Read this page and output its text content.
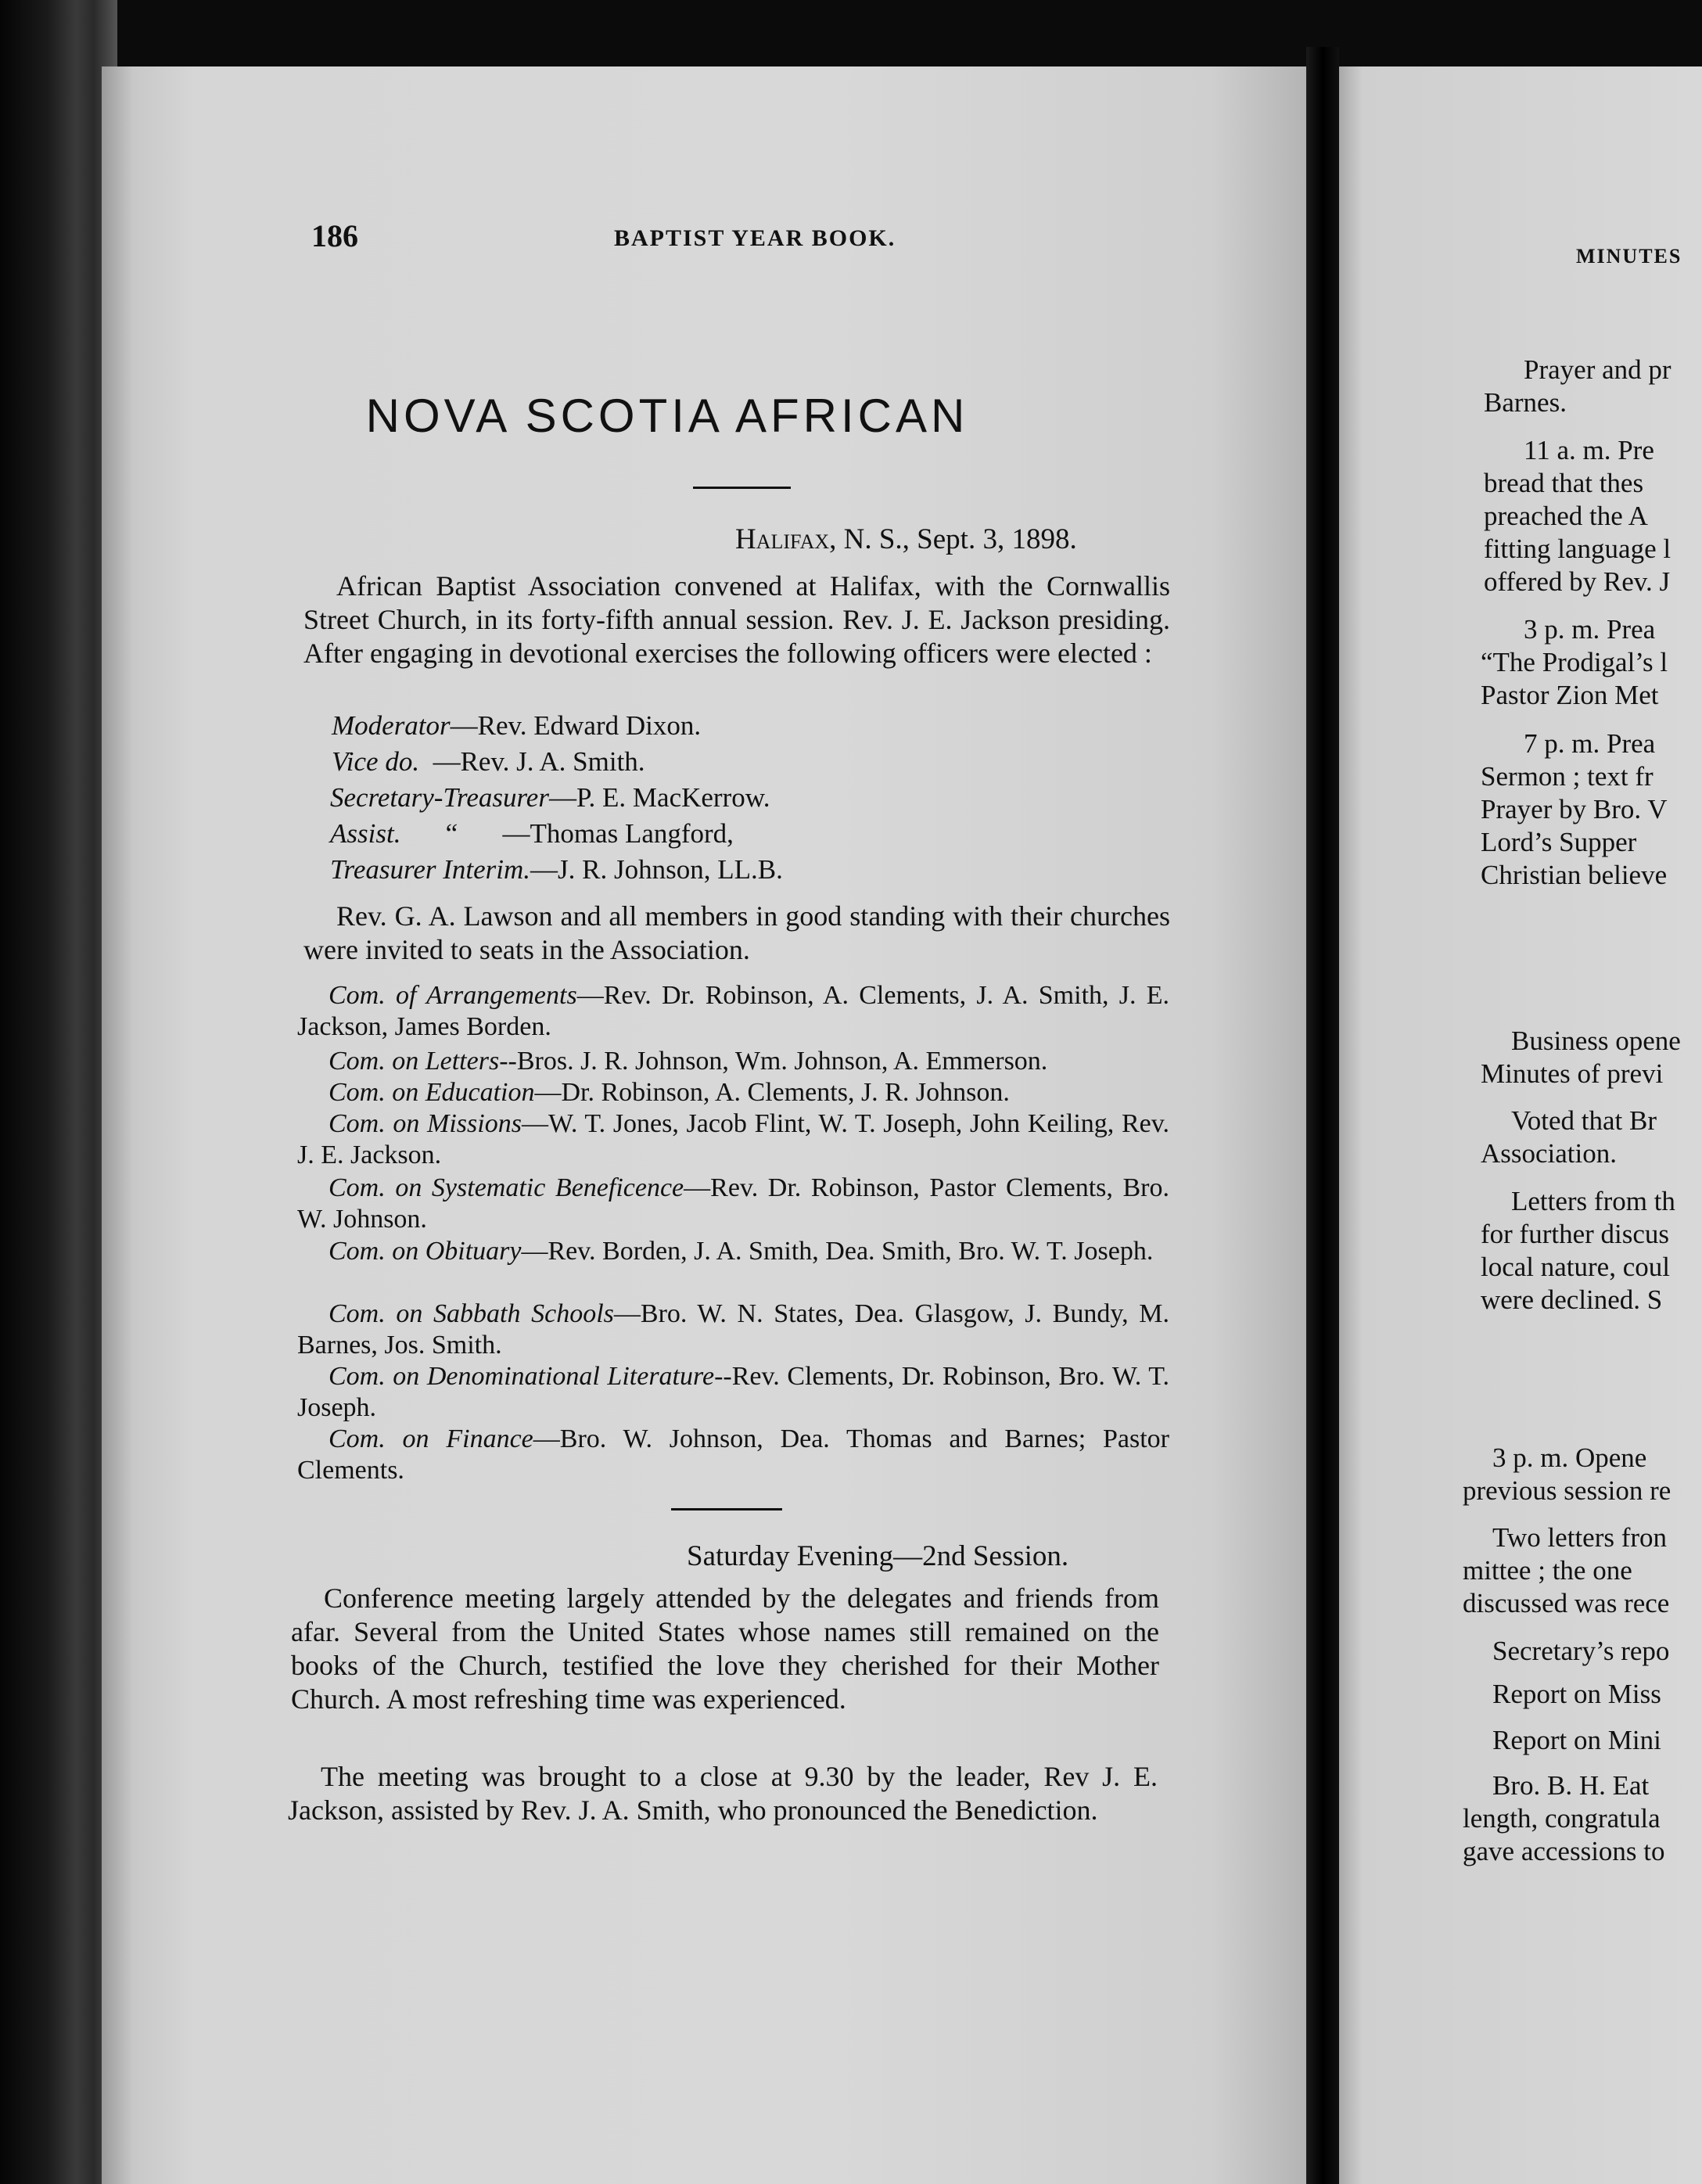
186	BAPTIST YEAR BOOK.
NOVA SCOTIA AFRICAN
Halifax, N. S., Sept. 3, 1898.
African Baptist Association convened at Halifax, with the Cornwallis Street Church, in its forty-fifth annual session. Rev. J. E. Jackson presiding. After engaging in devotional exercises the following officers were elected :
Moderator—Rev. Edward Dixon.
Vice do. —Rev. J. A. Smith.
Secretary-Treasurer—P. E. MacKerrow.
Assist. “ —Thomas Langford,
Treasurer Interim.—J. R. Johnson, LL.B.
Rev. G. A. Lawson and all members in good standing with their churches were invited to seats in the Association.
Com. of Arrangements—Rev. Dr. Robinson, A. Clements, J. A. Smith, J. E. Jackson, James Borden.
Com. on Letters--Bros. J. R. Johnson, Wm. Johnson, A. Emmerson.
Com. on Education—Dr. Robinson, A. Clements, J. R. Johnson.
Com. on Missions—W. T. Jones, Jacob Flint, W. T. Joseph, John Keiling, Rev. J. E. Jackson.
Com. on Systematic Beneficence—Rev. Dr. Robinson, Pastor Clements, Bro. W. Johnson.
Com. on Obituary—Rev. Borden, J. A. Smith, Dea. Smith, Bro. W. T. Joseph.
Com. on Sabbath Schools—Bro. W. N. States, Dea. Glasgow, J. Bundy, M. Barnes, Jos. Smith.
Com. on Denominational Literature--Rev. Clements, Dr. Robinson, Bro. W. T. Joseph.
Com. on Finance—Bro. W. Johnson, Dea. Thomas and Barnes; Pastor Clements.
Saturday Evening—2nd Session.
Conference meeting largely attended by the delegates and friends from afar. Several from the United States whose names still remained on the books of the Church, testified the love they cherished for their Mother Church. A most refreshing time was experienced.
The meeting was brought to a close at 9.30 by the leader, Rev J. E. Jackson, assisted by Rev. J. A. Smith, who pronounced the Benediction.
MINUTES
Prayer and pr
Barnes.
11 a. m. Pre
bread that thes
preached the A
fitting language l
offered by Rev. J
3 p. m. Prea
“The Prodigal’s l
Pastor Zion Met
7 p. m. Prea
Sermon ; text fr
Prayer by Bro. V
Lord’s Supper
Christian believe
Business opene
Minutes of previ
Voted that Br
Association.
Letters from th
for further discus
local nature, coul
were declined. S
3 p. m. Opene
previous session re
Two letters fron
mittee ; the one
discussed was rece
Secretary’s repo
Report on Miss
Report on Mini
Bro. B. H. Eat
length, congratula
gave accessions to
